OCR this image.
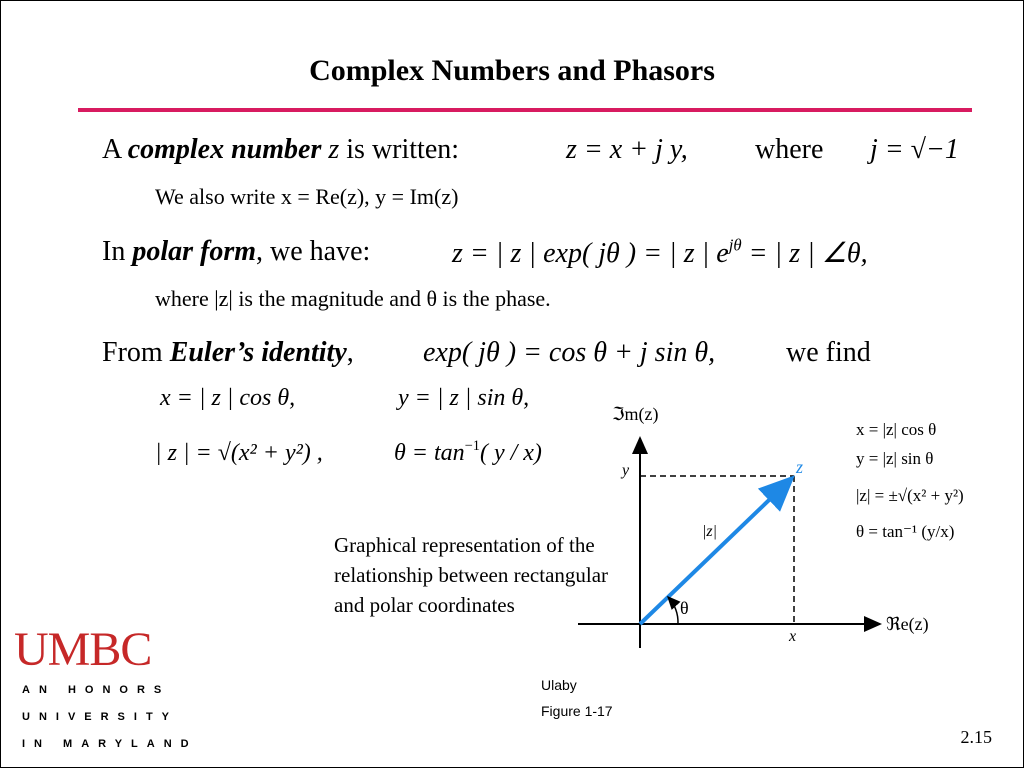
Complex Numbers and Phasors
A complex number z is written:	z = x + j y, where j = √−1
We also write x = Re(z), y = Im(z)
In polar form, we have:	z = | z | exp( jθ ) = | z | $e^{j\theta}$ = | z | ∠θ,
where |z| is the magnitude and θ is the phase.
From Euler’s identity, exp( jθ ) = cos θ + j sin θ,	we find
x = | z | cos θ,	y = | z | sin θ,
| z | = √(x² + y²) ,	$\theta = \tan^{-1}$( y / x)
Graphical representation of the relationship between rectangular and polar coordinates
ℑm(z)
ℜe(z)
y
x
z
|z|
θ
x = |z| cos θ
y = |z| sin θ
|z| = ±√(x² + y²)
θ = tan⁻¹ (y/x)
UMBC
AN HONORS
UNIVERSITY
IN MARYLAND
Ulaby
Figure 1-17
2.15
